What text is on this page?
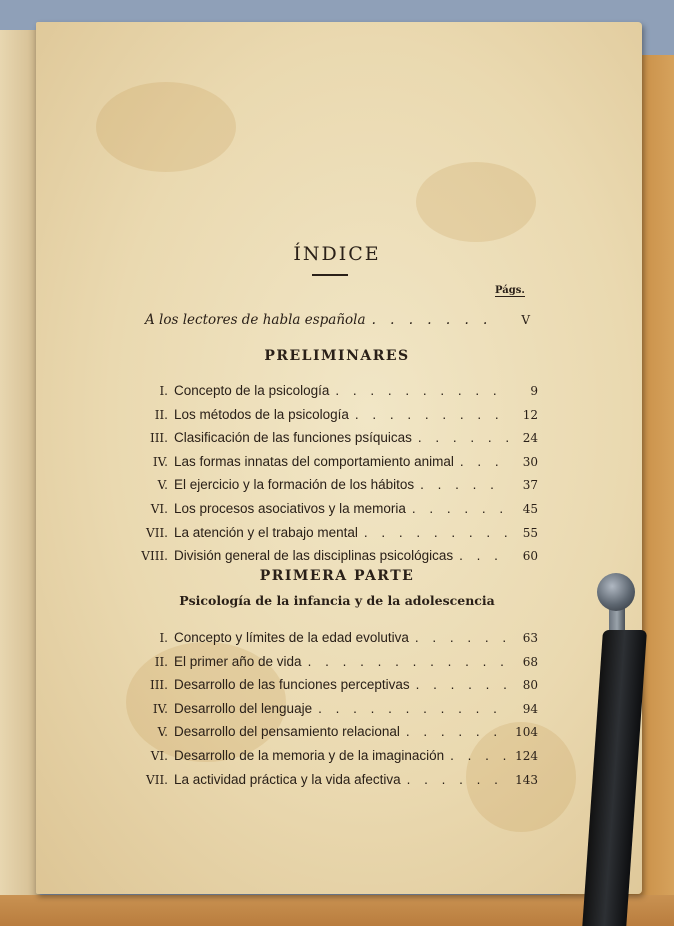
ÍNDICE
Págs.
A los lectores de habla española . . .	V
PRELIMINARES
I. Concepto de la psicología . . .	9
II. Los métodos de la psicología . . .	12
III. Clasificación de las funciones psíquicas . . .	24
IV. Las formas innatas del comportamiento animal . . .	30
V. El ejercicio y la formación de los hábitos . . .	37
VI. Los procesos asociativos y la memoria . . .	45
VII. La atención y el trabajo mental . . .	55
VIII. División general de las disciplinas psicológicas . . .	60
PRIMERA PARTE
Psicología de la infancia y de la adolescencia
I. Concepto y límites de la edad evolutiva . . .	63
II. El primer año de vida . . .	68
III. Desarrollo de las funciones perceptivas . . .	80
IV. Desarrollo del lenguaje . . .	94
V. Desarrollo del pensamiento relacional . . .	104
VI. Desarrollo de la memoria y de la imaginación . . .	124
VII. La actividad práctica y la vida afectiva . . .	143
